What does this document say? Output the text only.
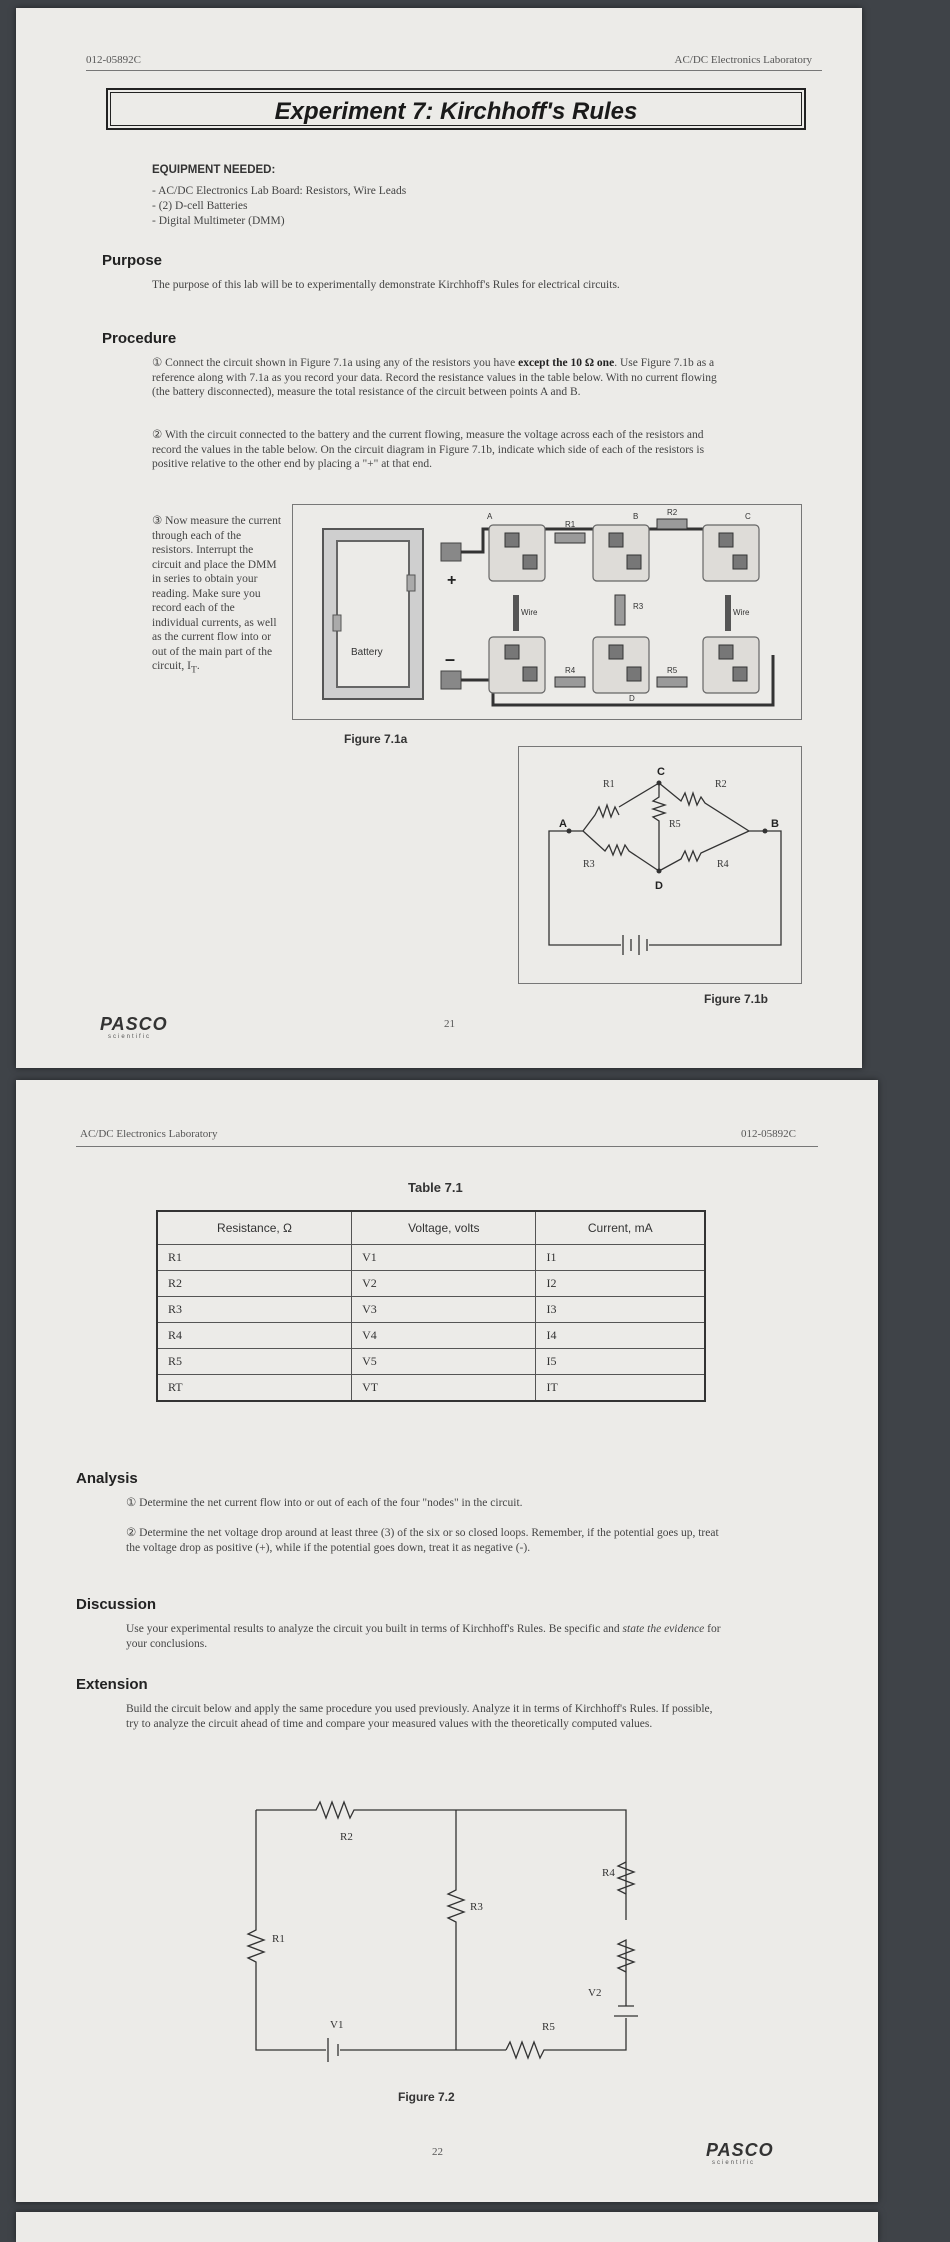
012-05892C	AC/DC Electronics Laboratory
Experiment 7: Kirchhoff's Rules
EQUIPMENT NEEDED:
- AC/DC Electronics Lab Board: Resistors, Wire Leads
- (2) D-cell Batteries
- Digital Multimeter (DMM)
Purpose
The purpose of this lab will be to experimentally demonstrate Kirchhoff's Rules for electrical circuits.
Procedure
① Connect the circuit shown in Figure 7.1a using any of the resistors you have except the 10 Ω one. Use Figure 7.1b as a reference along with 7.1a as you record your data. Record the resistance values in the table below. With no current flowing (the battery disconnected), measure the total resistance of the circuit between points A and B.
② With the circuit connected to the battery and the current flowing, measure the voltage across each of the resistors and record the values in the table below. On the circuit diagram in Figure 7.1b, indicate which side of each of the resistors is positive relative to the other end by placing a "+" at that end.
③ Now measure the current through each of the resistors. Interrupt the circuit and place the DMM in series to obtain your reading. Make sure you record each of the individual currents, as well as the current flow into or out of the main part of the circuit, $I_T$.
Battery
+
–
Wire	Wire
A	B	C
D
R1
R2
R3
R4	R5
Figure 7.1a
C
A	B
D
R1	R2
R3	R4
R5
Figure 7.1b
21
PASCO
scientific
AC/DC Electronics Laboratory	012-05892C
Table 7.1
Resistance, Ω	Voltage, volts	Current, mA
R1	V1	I1
R2	V2	I2
R3	V3	I3
R4	V4	I4
R5	V5	I5
RT	VT	IT
Analysis
① Determine the net current flow into or out of each of the four "nodes" in the circuit.
② Determine the net voltage drop around at least three (3) of the six or so closed loops. Remember, if the potential goes up, treat the voltage drop as positive (+), while if the potential goes down, treat it as negative (-).
Discussion
Use your experimental results to analyze the circuit you built in terms of Kirchhoff's Rules. Be specific and state the evidence for your conclusions.
Extension
Build the circuit below and apply the same procedure you used previously. Analyze it in terms of Kirchhoff's Rules. If possible, try to analyze the circuit ahead of time and compare your measured values with the theoretically computed values.
R2
R1
R3
R4
R5
V1
V2
Figure 7.2
22	PASCO
scientific
